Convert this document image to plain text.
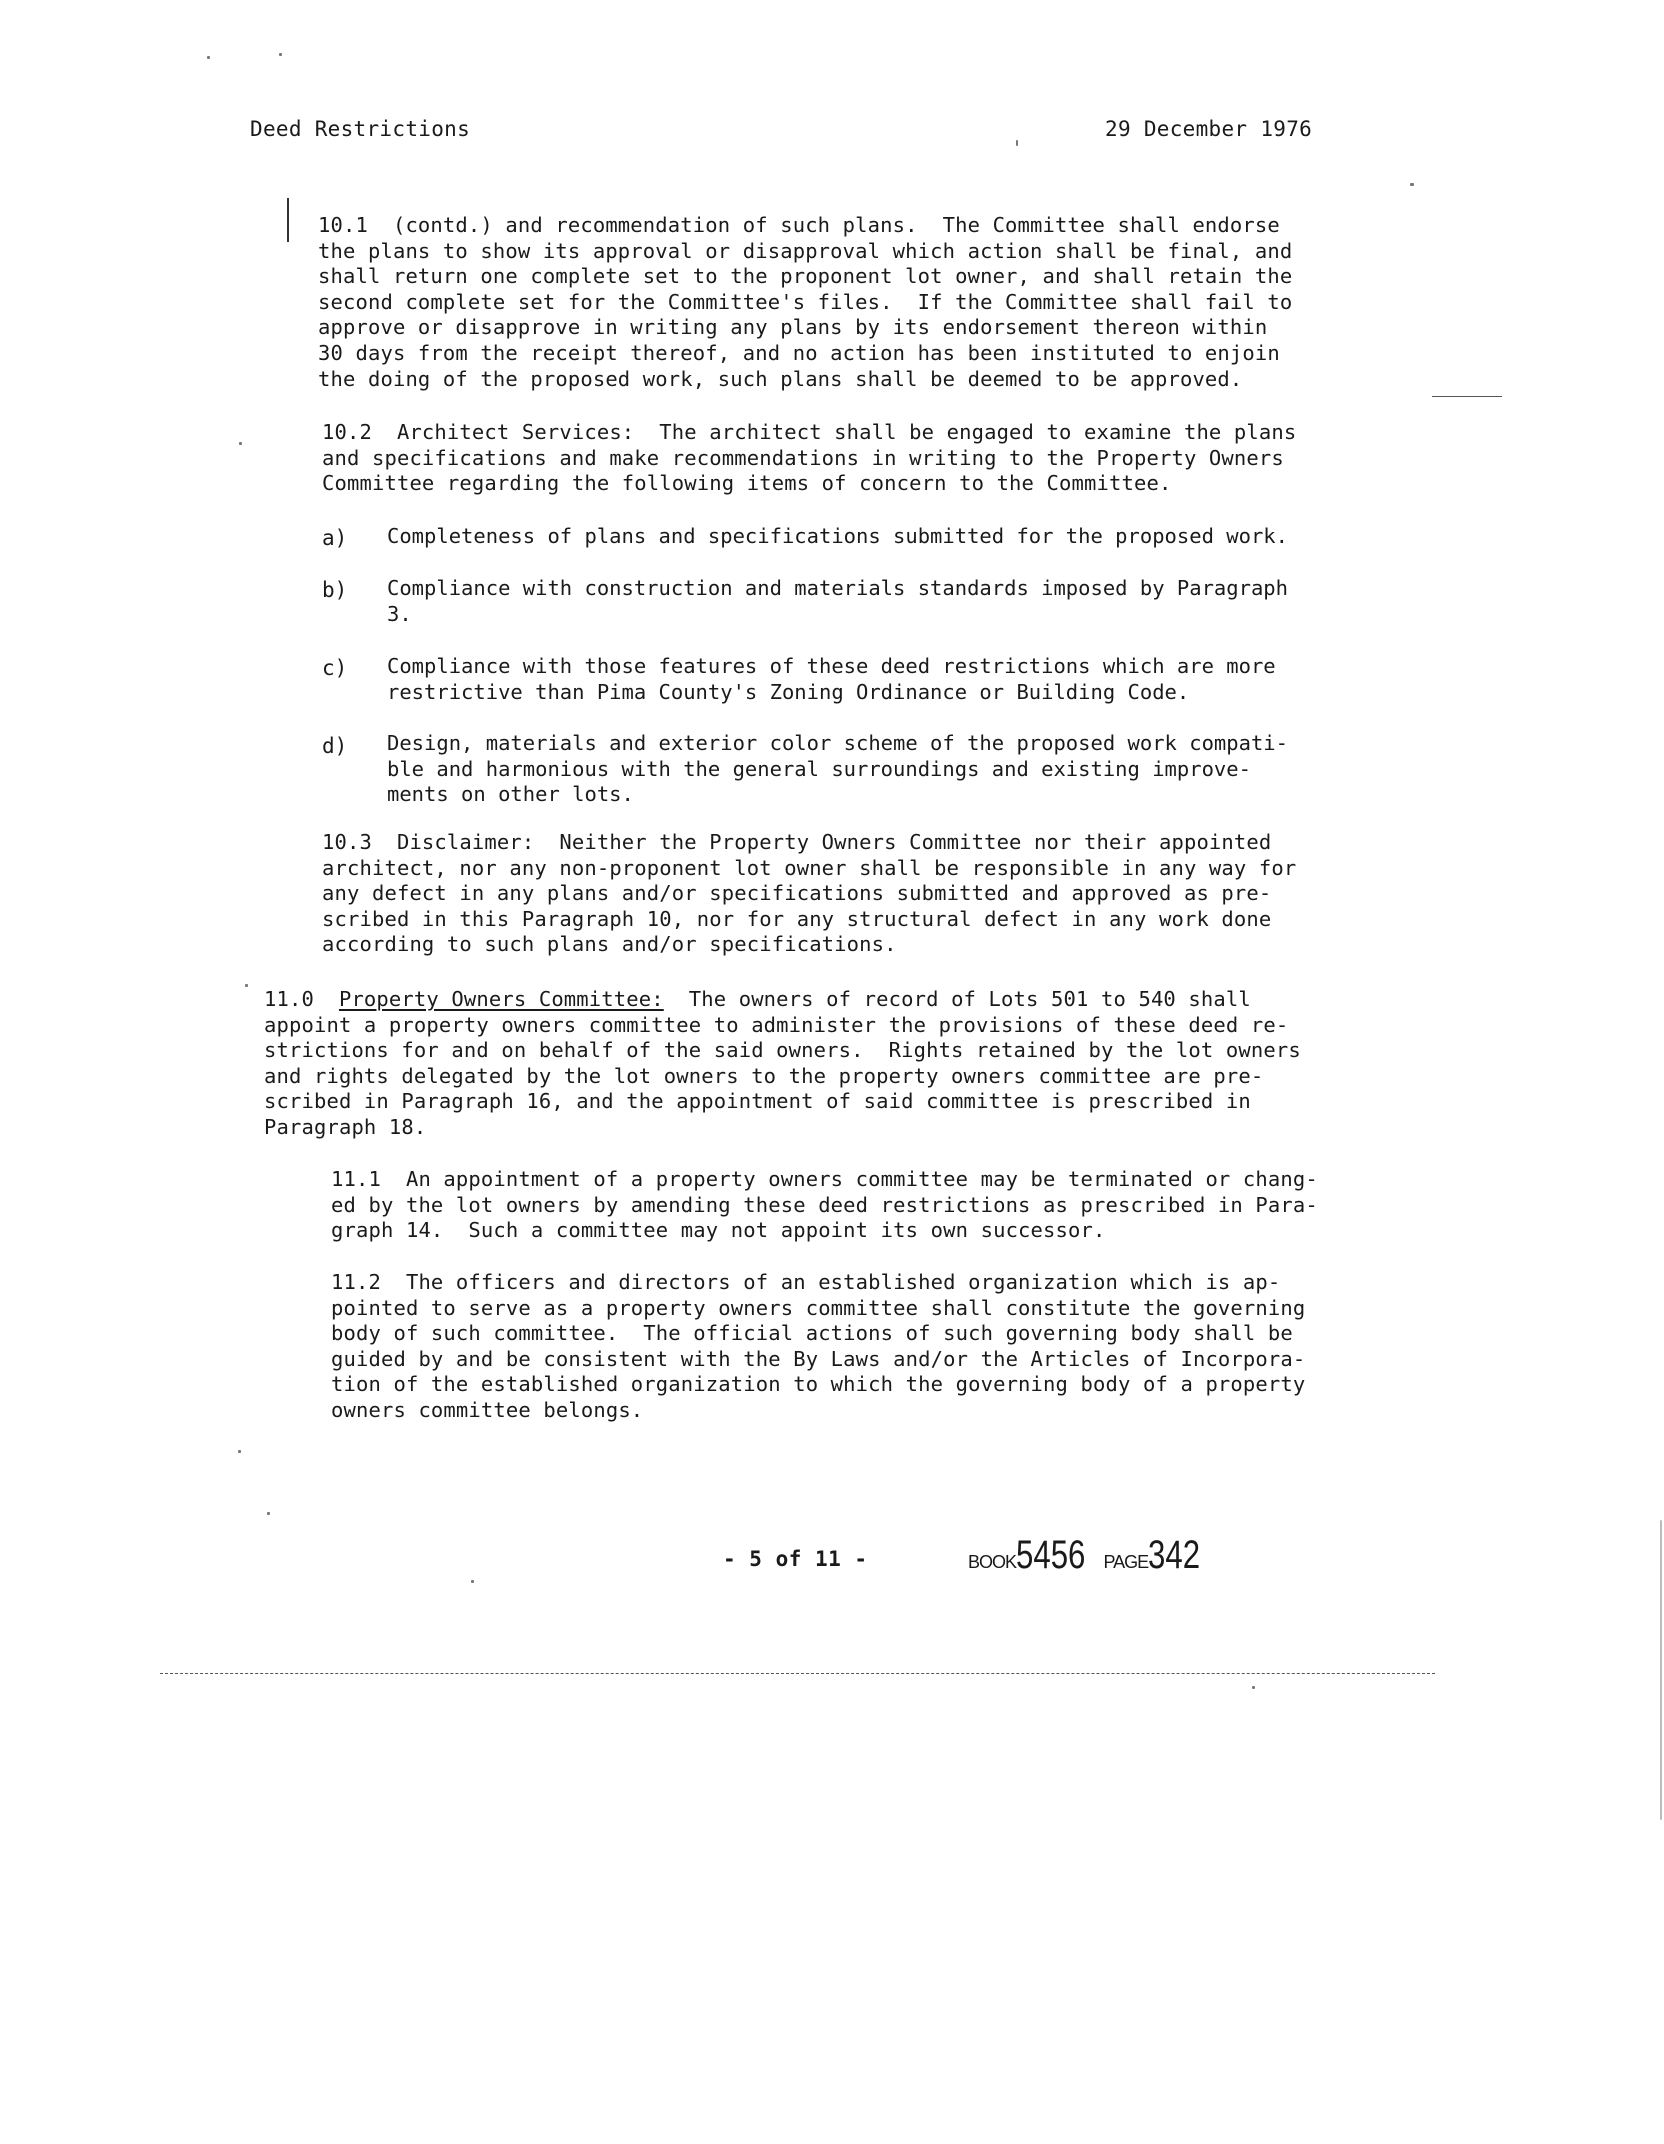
Deed Restrictions	29 December 1976
10.1  (contd.) and recommendation of such plans.  The Committee shall endorse
the plans to show its approval or disapproval which action shall be final, and
shall return one complete set to the proponent lot owner, and shall retain the
second complete set for the Committee's files.  If the Committee shall fail to
approve or disapprove in writing any plans by its endorsement thereon within
30 days from the receipt thereof, and no action has been instituted to enjoin
the doing of the proposed work, such plans shall be deemed to be approved.
10.2  Architect Services:  The architect shall be engaged to examine the plans
and specifications and make recommendations in writing to the Property Owners
Committee regarding the following items of concern to the Committee.
a) Completeness of plans and specifications submitted for the proposed work.
b) Compliance with construction and materials standards imposed by Paragraph
3.
c) Compliance with those features of these deed restrictions which are more
restrictive than Pima County's Zoning Ordinance or Building Code.
d) Design, materials and exterior color scheme of the proposed work compati-
ble and harmonious with the general surroundings and existing improve-
ments on other lots.
10.3  Disclaimer:  Neither the Property Owners Committee nor their appointed
architect, nor any non-proponent lot owner shall be responsible in any way for
any defect in any plans and/or specifications submitted and approved as pre-
scribed in this Paragraph 10, nor for any structural defect in any work done
according to such plans and/or specifications.
11.0 Property Owners Committee:  The owners of record of Lots 501 to 540 shall
appoint a property owners committee to administer the provisions of these deed re-
strictions for and on behalf of the said owners.  Rights retained by the lot owners
and rights delegated by the lot owners to the property owners committee are pre-
scribed in Paragraph 16, and the appointment of said committee is prescribed in
Paragraph 18.
11.1  An appointment of a property owners committee may be terminated or chang-
ed by the lot owners by amending these deed restrictions as prescribed in Para-
graph 14.  Such a committee may not appoint its own successor.
11.2  The officers and directors of an established organization which is ap-
pointed to serve as a property owners committee shall constitute the governing
body of such committee.  The official actions of such governing body shall be
guided by and be consistent with the By Laws and/or the Articles of Incorpora-
tion of the established organization to which the governing body of a property
owners committee belongs.
- 5 of 11 -	BOOK5456 PAGE342
